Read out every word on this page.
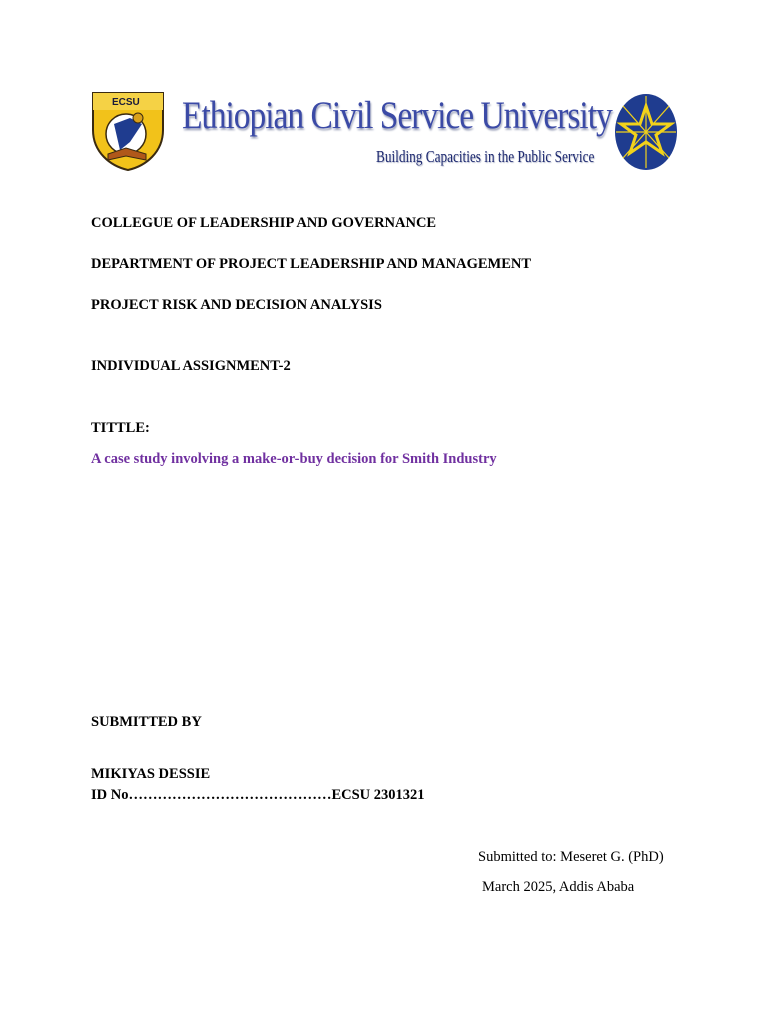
ECSU Ethiopian Civil Service University
Building Capacities in the Public Service
COLLEGUE OF LEADERSHIP AND GOVERNANCE
DEPARTMENT OF PROJECT LEADERSHIP AND MANAGEMENT
PROJECT RISK AND DECISION ANALYSIS
INDIVIDUAL ASSIGNMENT-2
TITTLE:
A case study involving a make-or-buy decision for Smith Industry
SUBMITTED BY
MIKIYAS DESSIE
ID No……………………………………ECSU 2301321
Submitted to: Meseret G. (PhD)
March 2025, Addis Ababa
